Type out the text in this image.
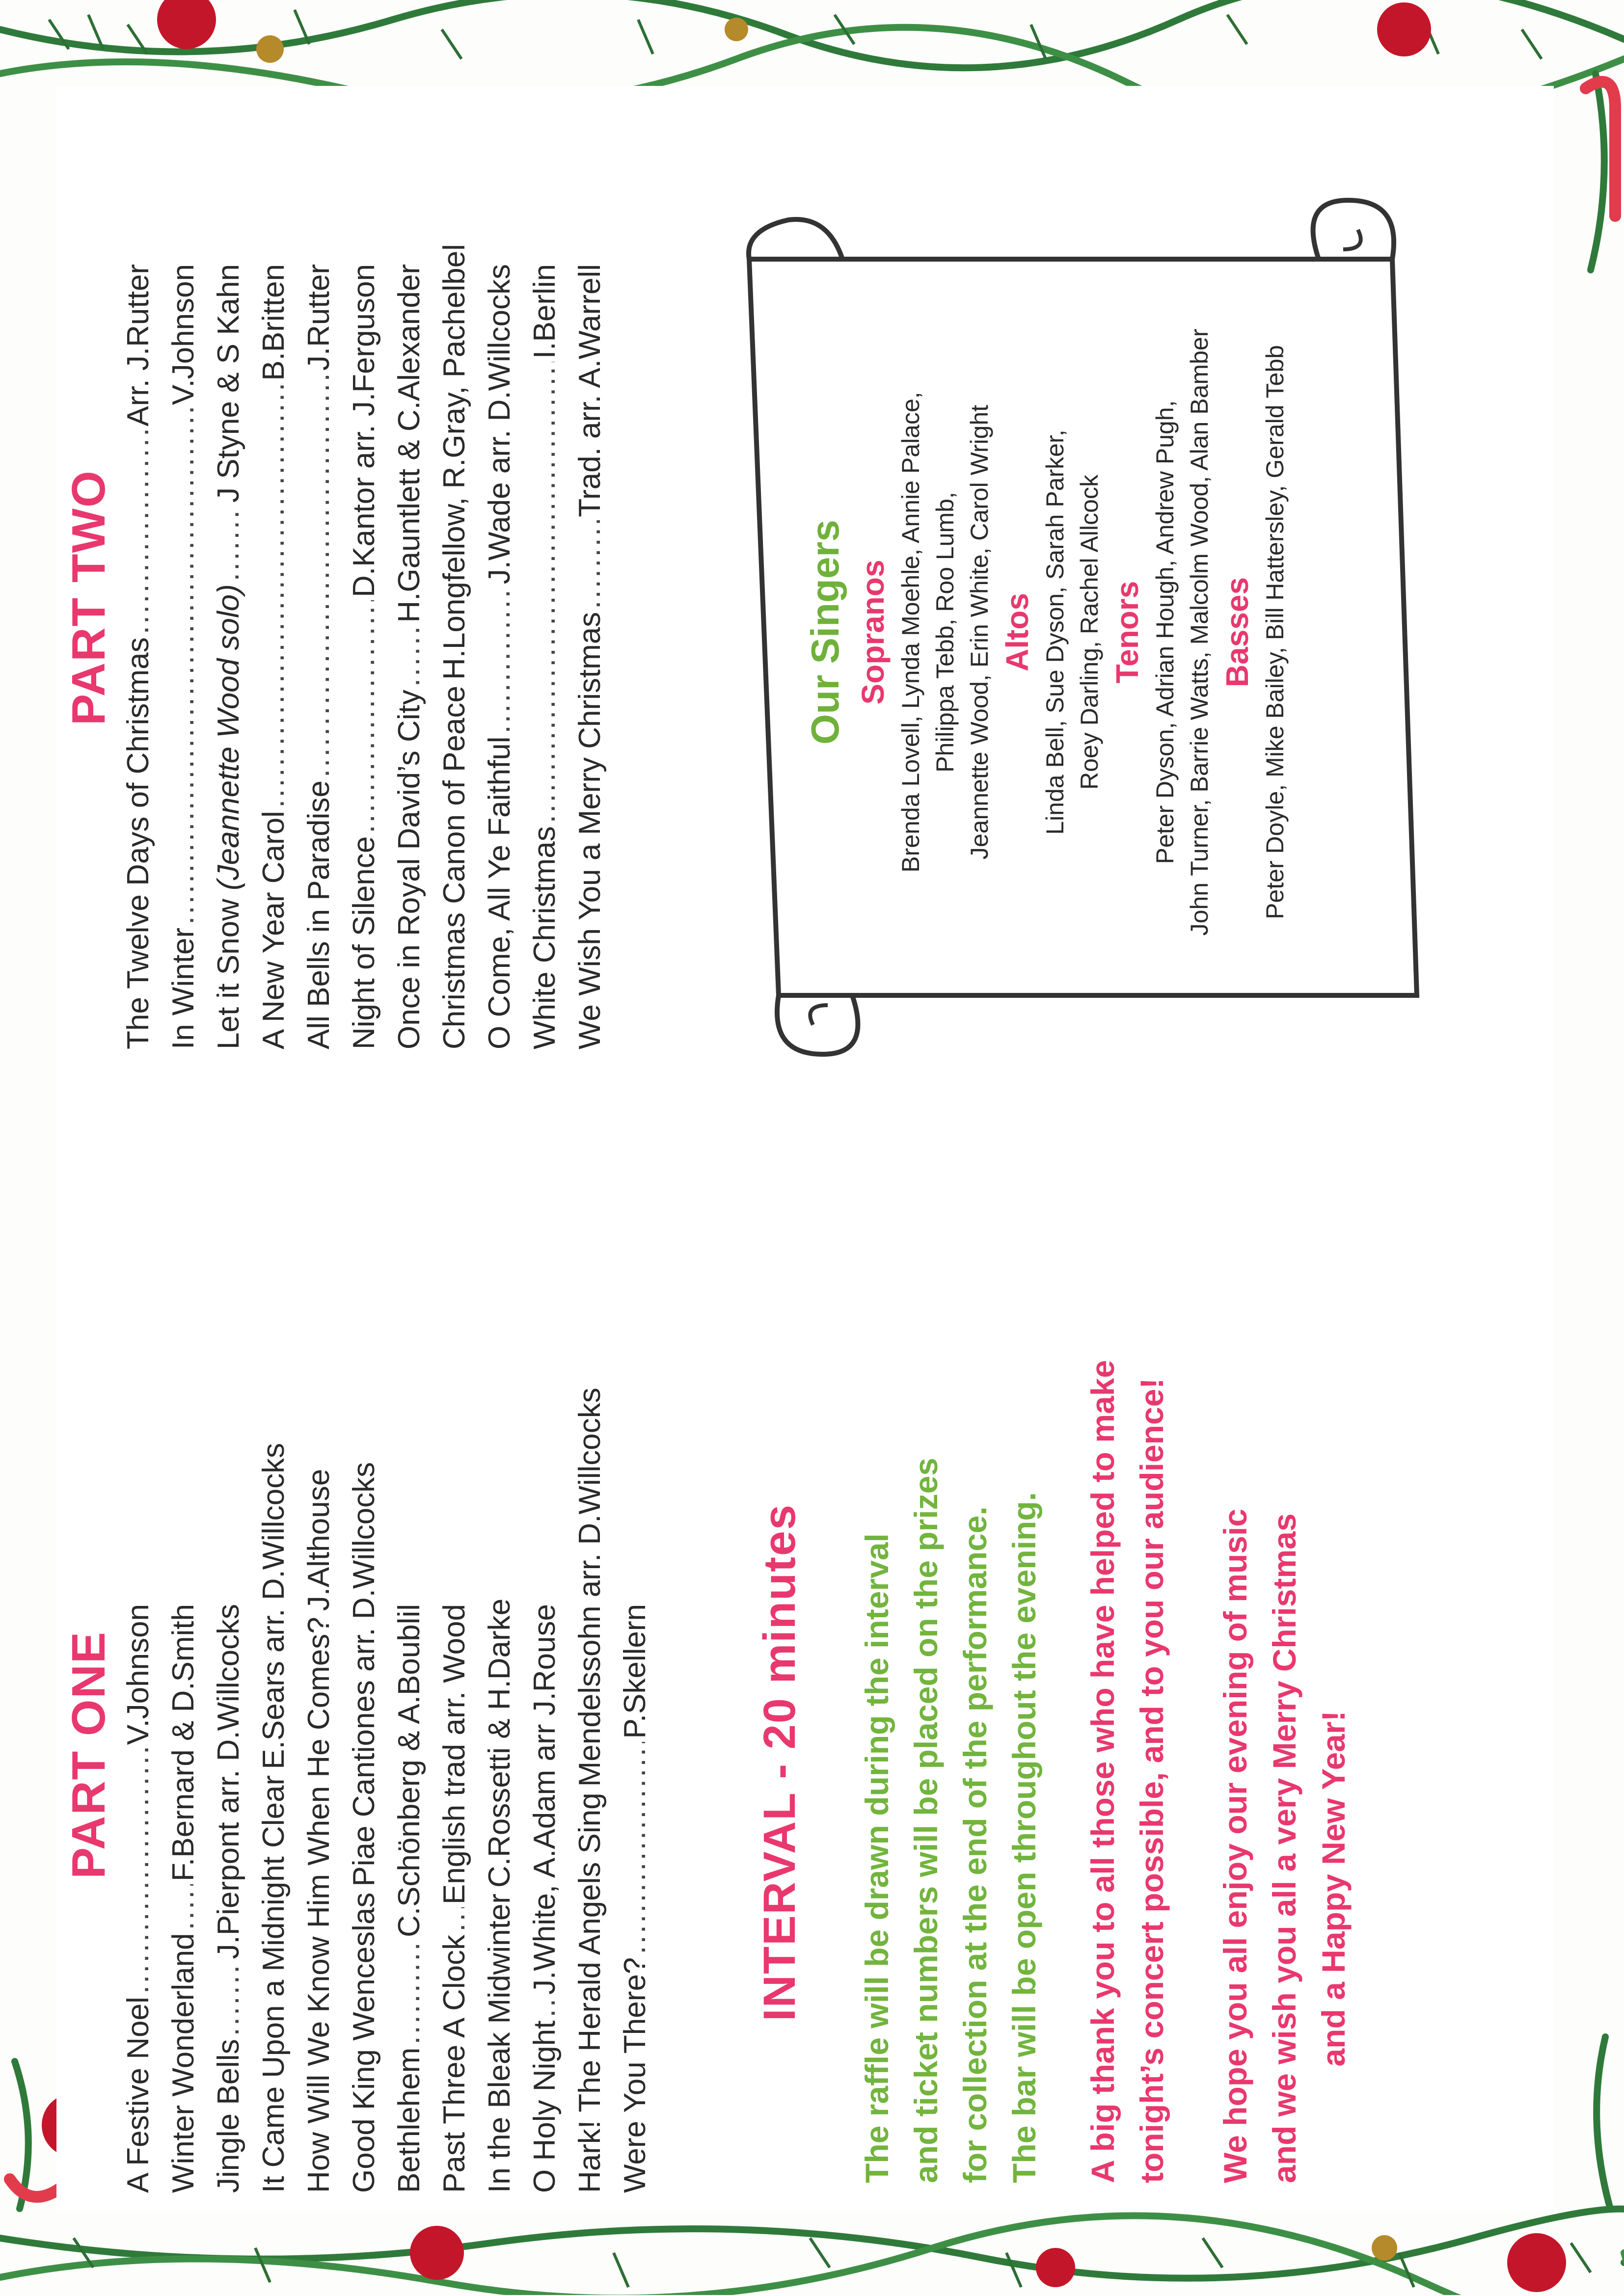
PART ONE
A Festive Noel
.....
V.Johnson
Winter Wonderland
.....
F.Bernard & D.Smith
Jingle Bells
.....
J.Pierpont arr. D.Willcocks It Came Upon a Midnight Clear
E.Sears arr. D.Willcocks
How Will We Know Him When He Comes?
J.Althouse
Good King Wenceslas
Piae Cantiones arr. D.Willcocks
Bethlehem
.....
C.Schönberg & A.Boublil
Past Three A Clock
.....
English trad arr. Wood
In the Bleak Midwinter
C.Rossetti & H.Darke
O Holy Night
.....
J.White, A.Adam arr J.Rouse Hark! The Herald Angels Sing
Mendelssohn arr. D.Willcocks
Were You There?
.....
P.Skellern INTERVAL - 20 minutes The raffle will be drawn during the interval and ticket numbers will be placed on the prizes for collection at the end of the performance. The bar will be open throughout the evening. A big thank you to all those who have helped to make tonight’s concert possible, and to you our audience! We hope you all enjoy our evening of music and we wish you all a very Merry Christmas and a Happy New Year!
PART TWO
The Twelve Days of Christmas
.....
Arr. J.Rutter
In Winter
.....
V.Johnson
Let it Snow (Jeannette Wood solo)
.....
J Styne & S Kahn
A New Year Carol
.....
B.Britten
All Bells in Paradise
.....
J.Rutter
Night of Silence
.....
D.Kantor arr. J.Ferguson
Once in Royal David’s City
.....
H.Gauntlett & C.Alexander
Christmas Canon of Peace
H.Longfellow, R.Gray, Pachelbel
O Come, All Ye Faithful
.....
J.Wade arr. D.Willcocks
White Christmas
.....
I.Berlin
We Wish You a Merry Christmas
.....
Trad. arr. A.Warrell
Our Singers Sopranos Brenda Lovell, Lynda Moehle, Annie Palace, Philippa Tebb, Roo Lumb, Jeannette Wood, Erin White, Carol Wright Altos Linda Bell, Sue Dyson, Sarah Parker, Roey Darling, Rachel Allcock Tenors Peter Dyson, Adrian Hough, Andrew Pugh, John Turner, Barrie Watts, Malcolm Wood, Alan Bamber Basses Peter Doyle, Mike Bailey, Bill Hattersley, Gerald Tebb
